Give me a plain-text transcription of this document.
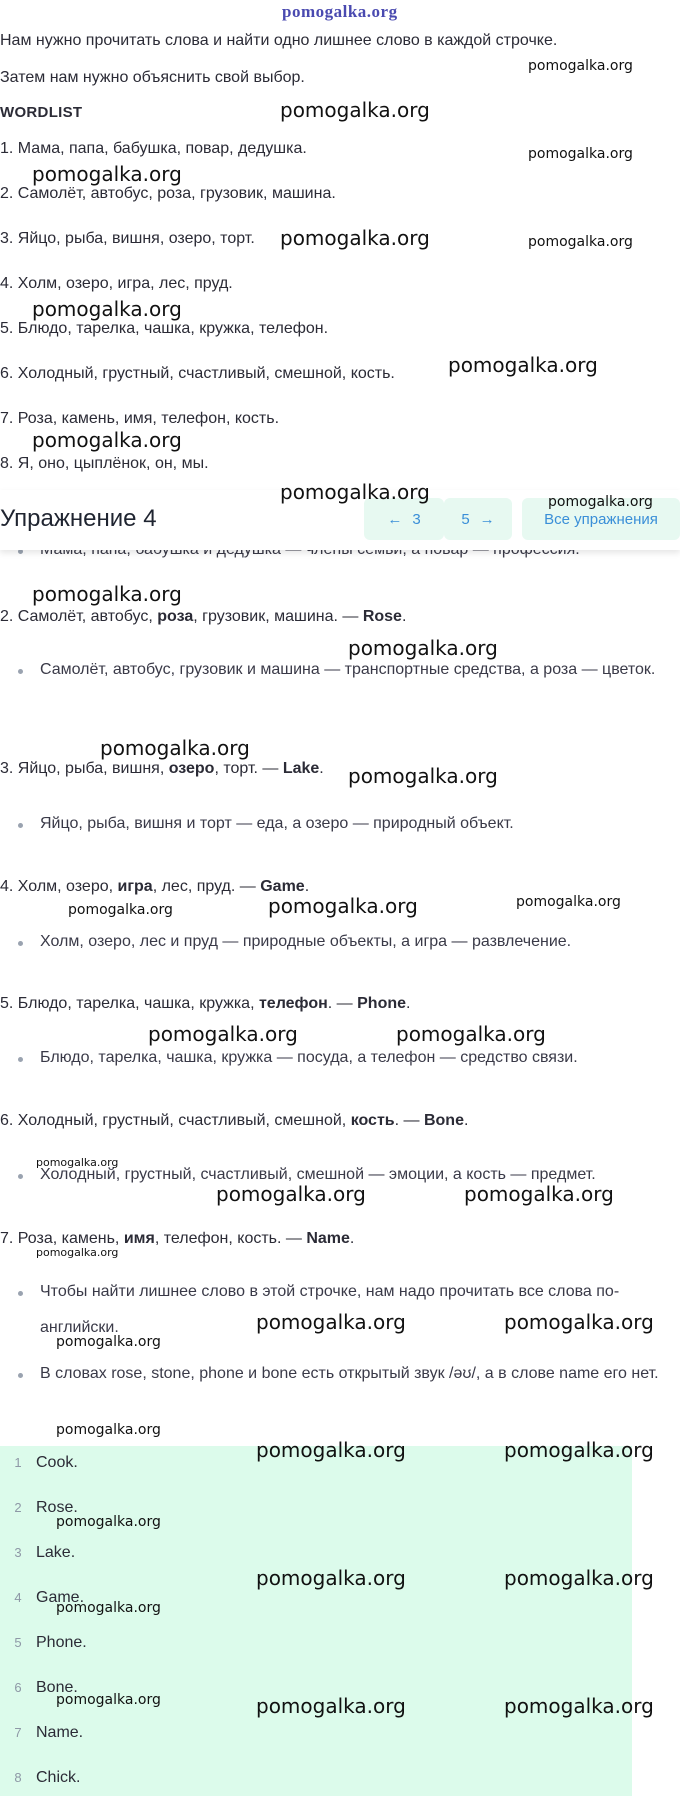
pomogalka.org
Нам нужно прочитать слова и найти одно лишнее слово в каждой строчке.
Затем нам нужно объяснить свой выбор.
WORDLIST
1. Мама, папа, бабушка, повар, дедушка.
2. Самолёт, автобус, роза, грузовик, машина.
3. Яйцо, рыба, вишня, озеро, торт.
4. Холм, озеро, игра, лес, пруд.
5. Блюдо, тарелка, чашка, кружка, телефон.
6. Холодный, грустный, счастливый, смешной, кость.
7. Роза, камень, имя, телефон, кость.
8. Я, оно, цыплёнок, он, мы.
Упражнение 4	← 3	5 →	Все упражнения
2. Самолёт, автобус, роза, грузовик, машина. — Rose.
Самолёт, автобус, грузовик и машина — транспортные средства, а роза — цветок.
3. Яйцо, рыба, вишня, озеро, торт. — Lake.
Яйцо, рыба, вишня и торт — еда, а озеро — природный объект.
4. Холм, озеро, игра, лес, пруд. — Game.
Холм, озеро, лес и пруд — природные объекты, а игра — развлечение.
5. Блюдо, тарелка, чашка, кружка, телефон. — Phone.
Блюдо, тарелка, чашка, кружка — посуда, а телефон — средство связи.
6. Холодный, грустный, счастливый, смешной, кость. — Bone.
Холодный, грустный, счастливый, смешной — эмоции, а кость — предмет.
7. Роза, камень, имя, телефон, кость. — Name.
Чтобы найти лишнее слово в этой строчке, нам надо прочитать все слова по-английски.
В словах rose, stone, phone и bone есть открытый звук /əʊ/, а в слове name его нет.
1 Cook.
2 Rose.
3 Lake.
4 Game.
5 Phone.
6 Bone.
7 Name.
8 Chick.
pomogalka.org
pomogalka.org
pomogalka.org
pomogalka.org
pomogalka.org	pomogalka.org
pomogalka.org
pomogalka.org
pomogalka.org
pomogalka.org	pomogalka.org
pomogalka.org
pomogalka.org
pomogalka.org
pomogalka.org
pomogalka.org	pomogalka.org	pomogalka.org
pomogalka.org	pomogalka.org
pomogalka.org
pomogalka.org	pomogalka.org
pomogalka.org
pomogalka.org	pomogalka.org
pomogalka.org
pomogalka.org
pomogalka.org	pomogalka.org
pomogalka.org
pomogalka.org	pomogalka.org
pomogalka.org
pomogalka.org	pomogalka.org	pomogalka.org
